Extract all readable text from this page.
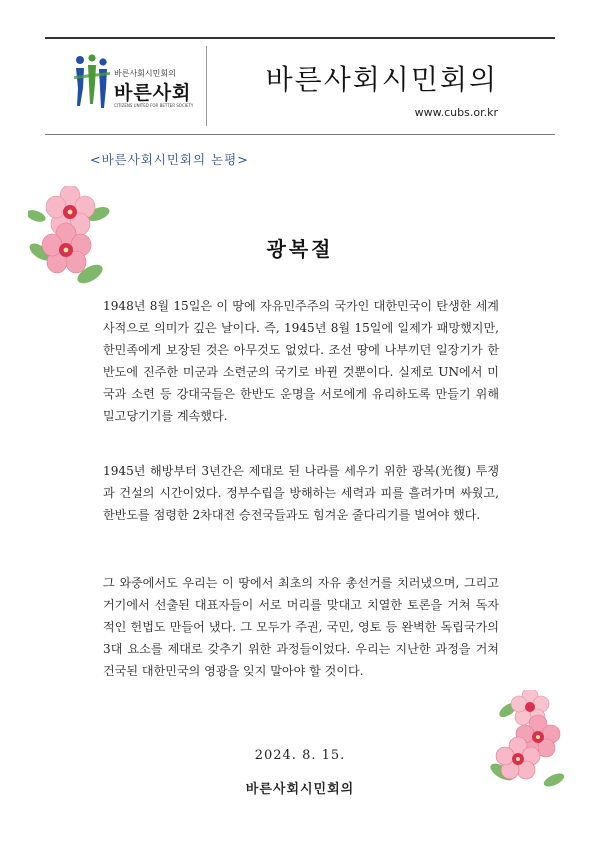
바른사회시민회의
바른사회
CITIZENS UNITED FOR BETTER SOCIETY
바른사회시민회의
www.cubs.or.kr
<바른사회시민회의 논평>
광복절

1948년 8월 15일은 이 땅에 자유민주주의 국가인 대한민국이 탄생한 세계사적으로 의미가 깊은 날이다. 즉, 1945년 8월 15일에 일제가 패망했지만, 한민족에게 보장된 것은 아무것도 없었다. 조선 땅에 나부끼던 일장기가 한반도에 진주한 미군과 소련군의 국기로 바뀐 것뿐이다. 실제로 UN에서 미국과 소련 등 강대국들은 한반도 운명을 서로에게 유리하도록 만들기 위해 밀고당기기를 계속했다.

1945년 해방부터 3년간은 제대로 된 나라를 세우기 위한 광복(光復) 투쟁과 건설의 시간이었다. 정부수립을 방해하는 세력과 피를 흘려가며 싸웠고, 한반도를 점령한 2차대전 승전국들과도 힘겨운 줄다리기를 벌여야 했다.

그 와중에서도 우리는 이 땅에서 최초의 자유 총선거를 치러냈으며, 그리고 거기에서 선출된 대표자들이 서로 머리를 맞대고 치열한 토론을 거쳐 독자적인 헌법도 만들어 냈다. 그 모두가 주권, 국민, 영토 등 완벽한 독립국가의 3대 요소를 제대로 갖추기 위한 과정들이었다. 우리는 지난한 과정을 거쳐 건국된 대한민국의 영광을 잊지 말아야 할 것이다.

2024. 8. 15.
바른사회시민회의
